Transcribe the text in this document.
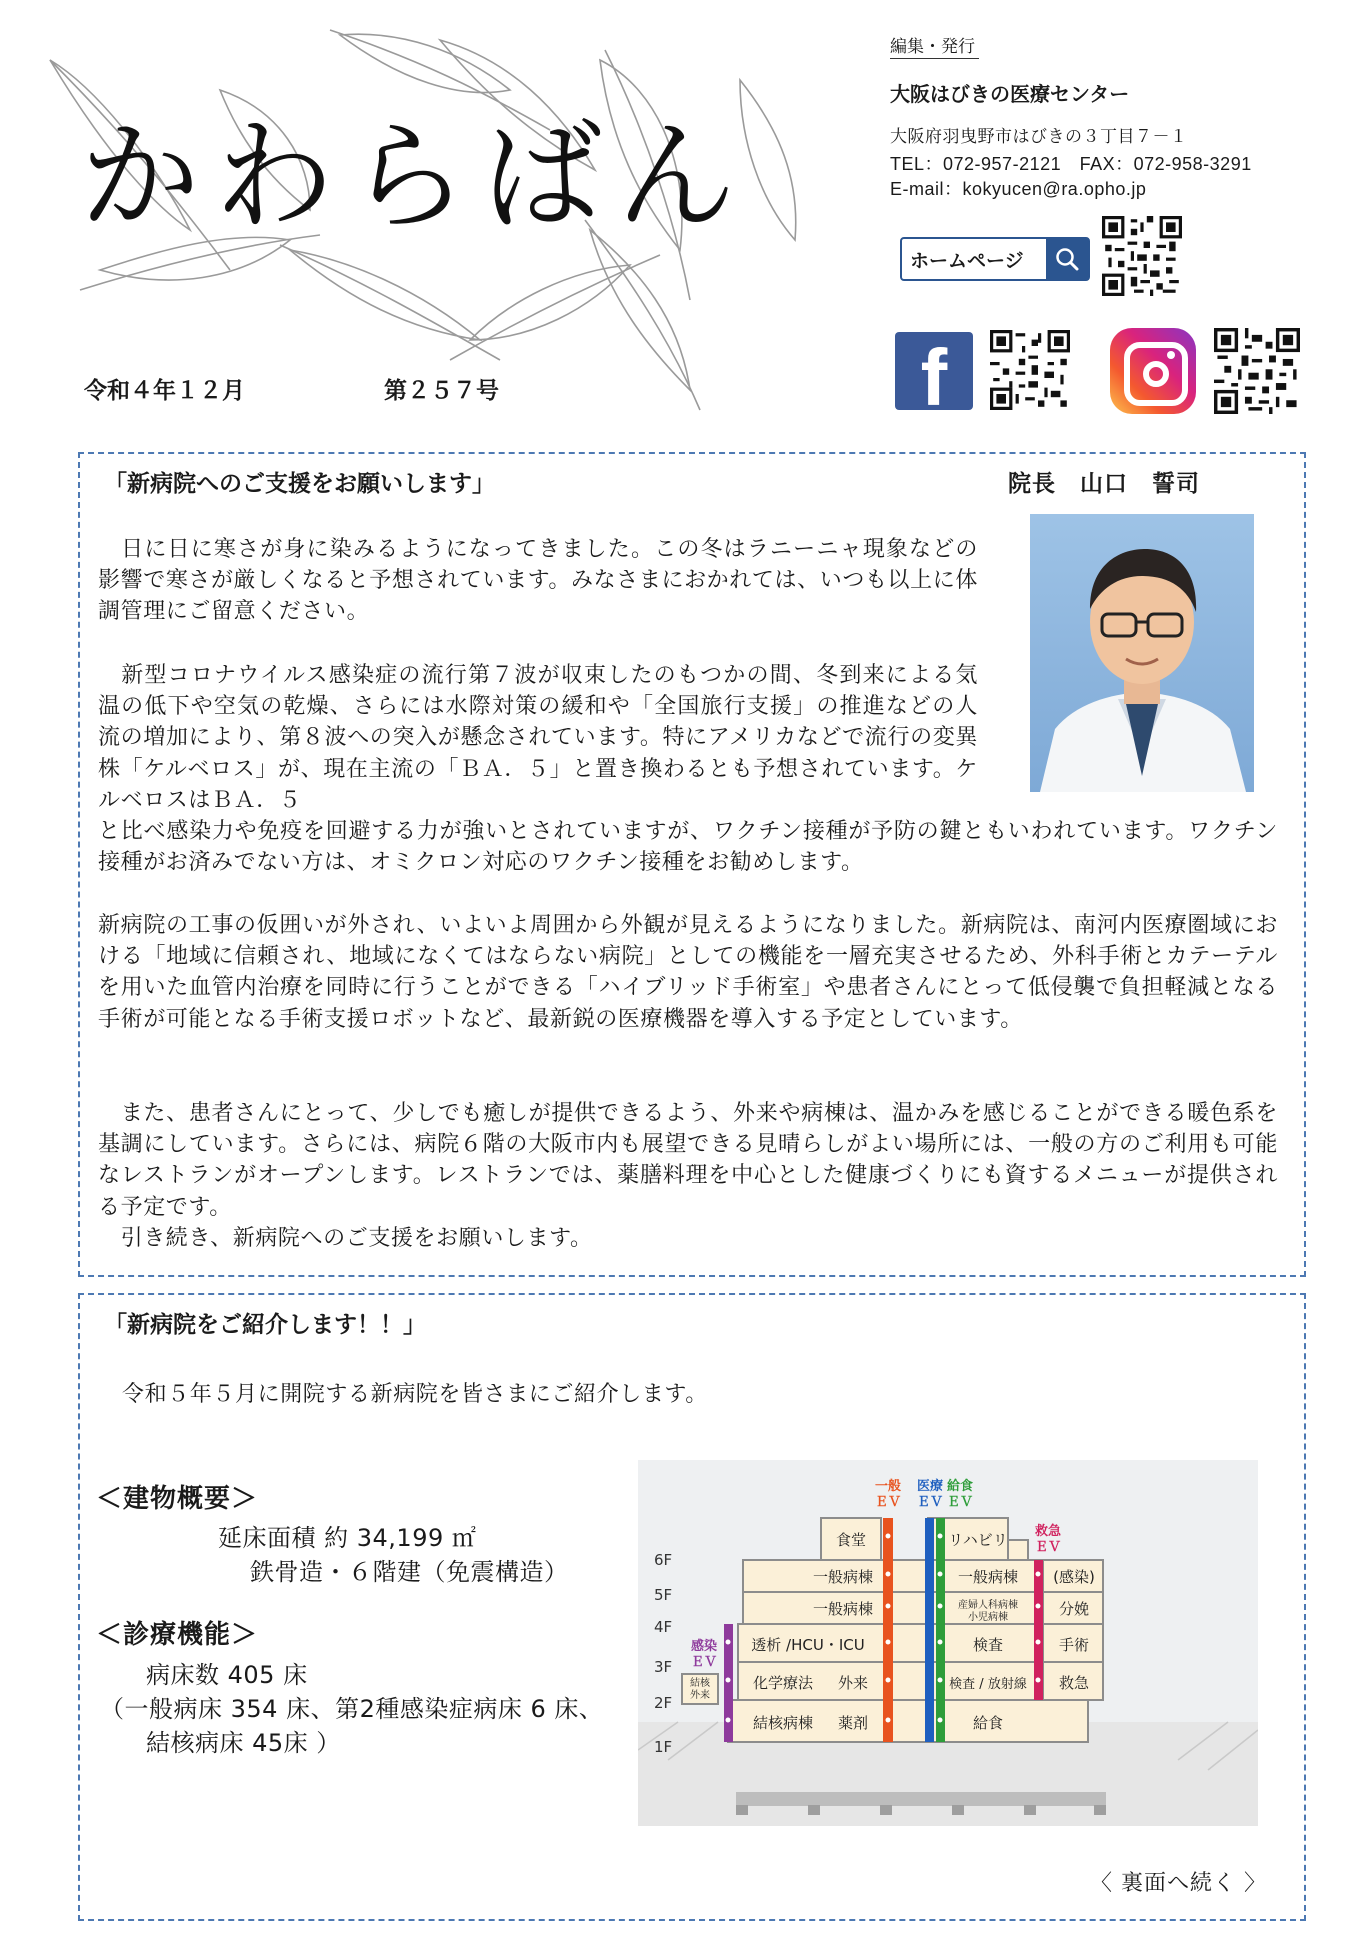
かわらばん
令和４年１２月	第２５７号
編集・発行
大阪はびきの医療センター
大阪府羽曳野市はびきの３丁目７－１
TEL：072-957-2121　FAX：072-958-3291
E-mail：kokyucen@ra.opho.jp
ホームページ
f
「新病院へのご支援をお願いします」	院長　山口　誓司

　日に日に寒さが身に染みるようになってきました。この冬はラニーニャ現象などの影響で寒さが厳しくなると予想されています。みなさまにおかれては、いつも以上に体調管理にご留意ください。

　新型コロナウイルス感染症の流行第７波が収束したのもつかの間、冬到来による気温の低下や空気の乾燥、さらには水際対策の緩和や「全国旅行支援」の推進などの人流の増加により、第８波への突入が懸念されています。特にアメリカなどで流行の変異株「ケルベロス」が、現在主流の「ＢＡ．５」と置き換わるとも予想されています。ケルベロスはＢＡ．５

と比べ感染力や免疫を回避する力が強いとされていますが、ワクチン接種が予防の鍵ともいわれています。ワクチン接種がお済みでない方は、オミクロン対応のワクチン接種をお勧めします。

新病院の工事の仮囲いが外され、いよいよ周囲から外観が見えるようになりました。新病院は、南河内医療圏域における「地域に信頼され、地域になくてはならない病院」としての機能を一層充実させるため、外科手術とカテーテルを用いた血管内治療を同時に行うことができる「ハイブリッド手術室」や患者さんにとって低侵襲で負担軽減となる手術が可能となる手術支援ロボットなど、最新鋭の医療機器を導入する予定としています。

　また、患者さんにとって、少しでも癒しが提供できるよう、外来や病棟は、温かみを感じることができる暖色系を基調にしています。さらには、病院６階の大阪市内も展望できる見晴らしがよい場所には、一般の方のご利用も可能なレストランがオープンします。レストランでは、薬膳料理を中心とした健康づくりにも資するメニューが提供される予定です。

　引き続き、新病院へのご支援をお願いします。

「新病院をご紹介します！！」
令和５年５月に開院する新病院を皆さまにご紹介します。
＜建物概要＞
延床面積 約 34,199 ㎡
鉄骨造・６階建（免震構造）
＜診療機能＞
病床数 405 床
（一般病床 354 床、第2種感染症病床 6 床、
結核病床 45床 ）
6F
5F
4F
3F
2F
1F
一般
ＥＶ
医療
ＥＶ
給食
ＥＶ
救急
ＥＶ
感染
ＥＶ
食堂	リハビリ
一般病棟	一般病棟 (感染)
一般病棟	産婦人科病棟
小児病棟	分娩
透析 /HCU・ICU	検査	手術
化学療法 外来	検査 / 放射線 救急
結核
外来
結核病棟 薬剤	給食
〈 裏面へ続く 〉
